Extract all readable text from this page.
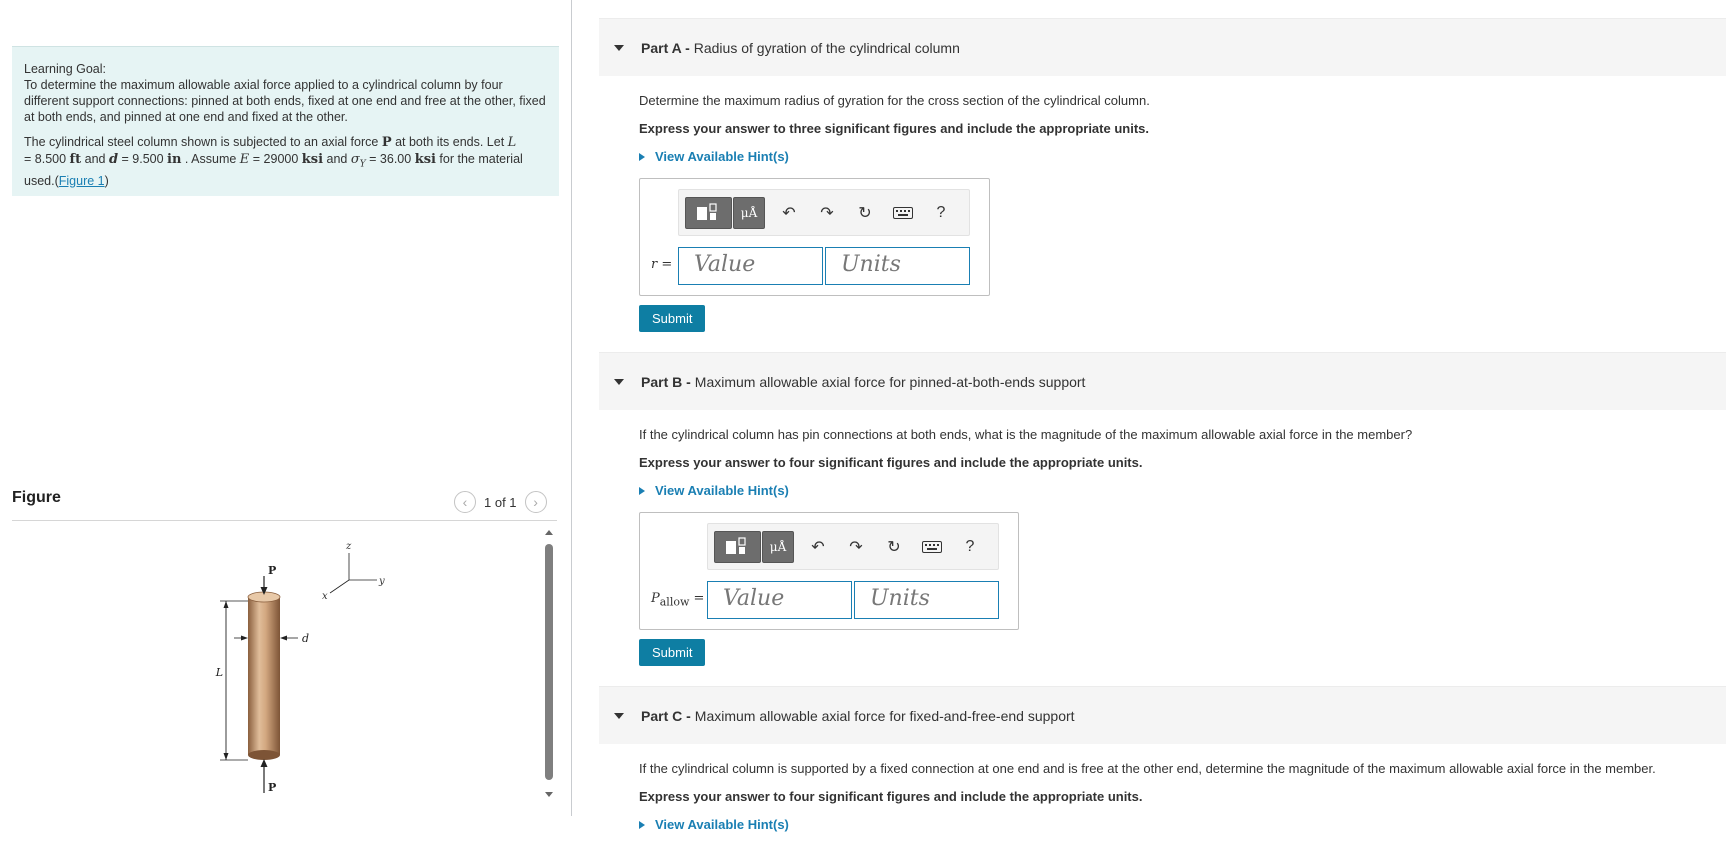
Learning Goal:

To determine the maximum allowable axial force applied to a cylindrical column by four different support connections: pinned at both ends, fixed at one end and free at the other, fixed at both ends, and pinned at one end and fixed at the other.

The cylindrical steel column shown is subjected to an axial force P at both its ends. Let L
= 8.500 ft and d = 9.500 in . Assume E = 29000 ksi and $\sigma_Y = 36.00$ ksi for the material used.(Figure 1)

Figure	‹ 1 of 1 ›
P
P
L
d
z
y
x
Part A - Radius of gyration of the cylindrical column

Determine the maximum radius of gyration for the cross section of the cylindrical column.

Express your answer to three significant figures and include the appropriate units.

View Available Hint(s)
μÅ	↶	↷	↻	?
r = Value	Units
Submit
Part B - Maximum allowable axial force for pinned-at-both-ends support

If the cylindrical column has pin connections at both ends, what is the magnitude of the maximum allowable axial force in the member?

Express your answer to four significant figures and include the appropriate units.

View Available Hint(s)
μÅ	↶	↷	↻	?
$P_{allow}$ = Value	Units
Submit
Part C - Maximum allowable axial force for fixed-and-free-end support

If the cylindrical column is supported by a fixed connection at one end and is free at the other end, determine the magnitude of the maximum allowable axial force in the member.

Express your answer to four significant figures and include the appropriate units.

View Available Hint(s)
